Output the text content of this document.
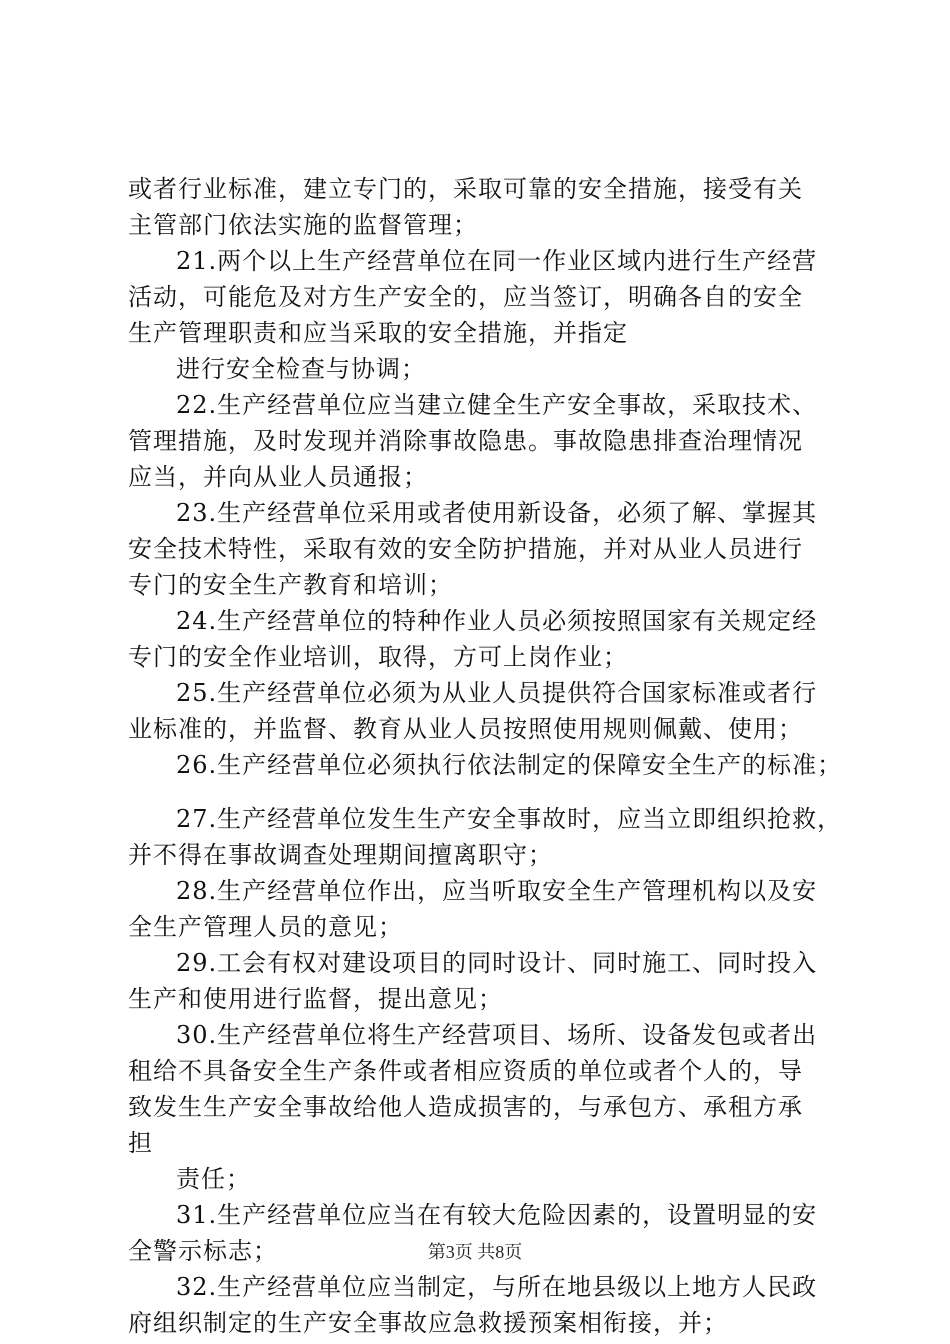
或者行业标准，建立专门的，采取可靠的安全措施，接受有关
主管部门依法实施的监督管理；
21.两个以上生产经营单位在同一作业区域内进行生产经营
活动，可能危及对方生产安全的，应当签订，明确各自的安全
生产管理职责和应当采取的安全措施，并指定
进行安全检查与协调；
22.生产经营单位应当建立健全生产安全事故，采取技术、
管理措施，及时发现并消除事故隐患。事故隐患排查治理情况
应当，并向从业人员通报；
23.生产经营单位采用或者使用新设备，必须了解、掌握其
安全技术特性，采取有效的安全防护措施，并对从业人员进行
专门的安全生产教育和培训；
24.生产经营单位的特种作业人员必须按照国家有关规定经
专门的安全作业培训，取得，方可上岗作业；
25.生产经营单位必须为从业人员提供符合国家标准或者行
业标准的，并监督、教育从业人员按照使用规则佩戴、使用；
26.生产经营单位必须执行依法制定的保障安全生产的标准；
27.生产经营单位发生生产安全事故时，应当立即组织抢救，
并不得在事故调查处理期间擅离职守；
28.生产经营单位作出，应当听取安全生产管理机构以及安
全生产管理人员的意见；
29.工会有权对建设项目的同时设计、同时施工、同时投入
生产和使用进行监督，提出意见；
30.生产经营单位将生产经营项目、场所、设备发包或者出
租给不具备安全生产条件或者相应资质的单位或者个人的，导
致发生生产安全事故给他人造成损害的，与承包方、承租方承
担
责任；
31.生产经营单位应当在有较大危险因素的，设置明显的安
全警示标志；
32.生产经营单位应当制定，与所在地县级以上地方人民政
府组织制定的生产安全事故应急救援预案相衔接，并；
第3页 共8页
